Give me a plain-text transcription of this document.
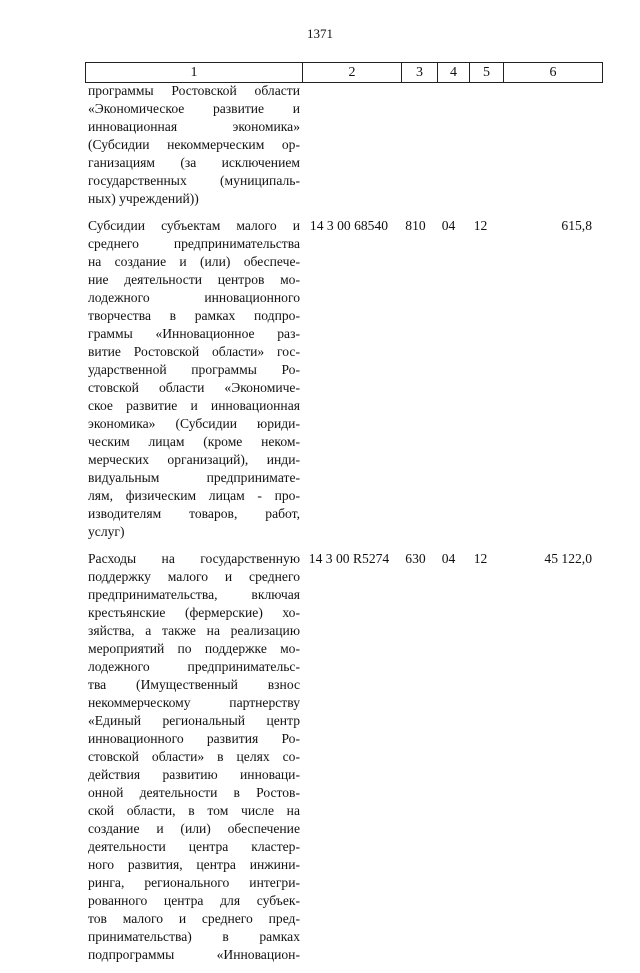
1371
1	2	3	4	5	6
программы Ростовской области
«Экономическое развитие и
инновационная экономика»
(Субсидии некоммерческим ор-
ганизациям (за исключением
государственных (муниципаль-
ных) учреждений))
Субсидии субъектам малого и
среднего предпринимательства
на создание и (или) обеспече-
ние деятельности центров мо-
лодежного инновационного
творчества в рамках подпро-
граммы «Инновационное раз-
витие Ростовской области» гос-
ударственной программы Ро-
стовской области «Экономиче-
ское развитие и инновационная
экономика» (Субсидии юриди-
ческим лицам (кроме неком-
мерческих организаций), инди-
видуальным предпринимате-
лям, физическим лицам - про-
изводителям товаров, работ,
услуг)
14 3 00 68540	810	04	12	615,8
Расходы на государственную
поддержку малого и среднего
предпринимательства, включая
крестьянские (фермерские) хо-
зяйства, а также на реализацию
мероприятий по поддержке мо-
лодежного предпринимательс-
тва (Имущественный взнос
некоммерческому партнерству
«Единый региональный центр
инновационного развития Ро-
стовской области» в целях со-
действия развитию инноваци-
онной деятельности в Ростов-
ской области, в том числе на
создание и (или) обеспечение
деятельности центра кластер-
ного развития, центра инжини-
ринга, регионального интегри-
рованного центра для субъек-
тов малого и среднего пред-
принимательства) в рамках
подпрограммы «Инновацион-
14 3 00 R5274	630	04	12	45 122,0
